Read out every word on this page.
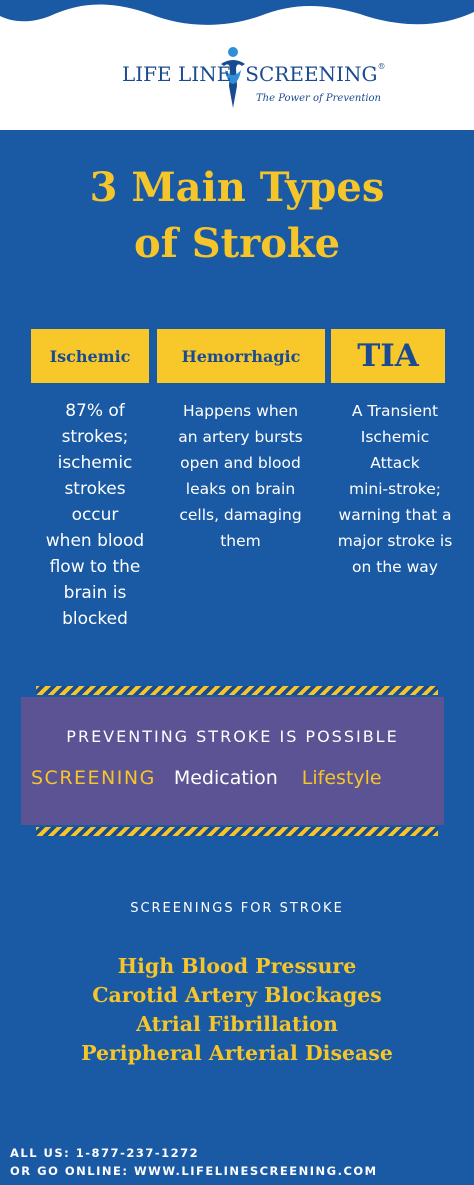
LIFE LINE SCREENING®
The Power of Prevention
3 Main Types
of Stroke
Ischemic	Hemorrhagic TIA
87% of
strokes;
ischemic
strokes
occur
when blood
flow to the
brain is
blocked
Happens when
an artery bursts
open and blood
leaks on brain
cells, damaging
them
A Transient
Ischemic
Attack
mini-stroke;
warning that a
major stroke is
on the way
PREVENTING STROKE IS POSSIBLE
SCREENING Medication Lifestyle
SCREENINGS FOR STROKE
High Blood Pressure
Carotid Artery Blockages
Atrial Fibrillation
Peripheral Arterial Disease
ALL US: 1-877-237-1272
OR GO ONLINE: WWW.LIFELINESCREENING.COM
